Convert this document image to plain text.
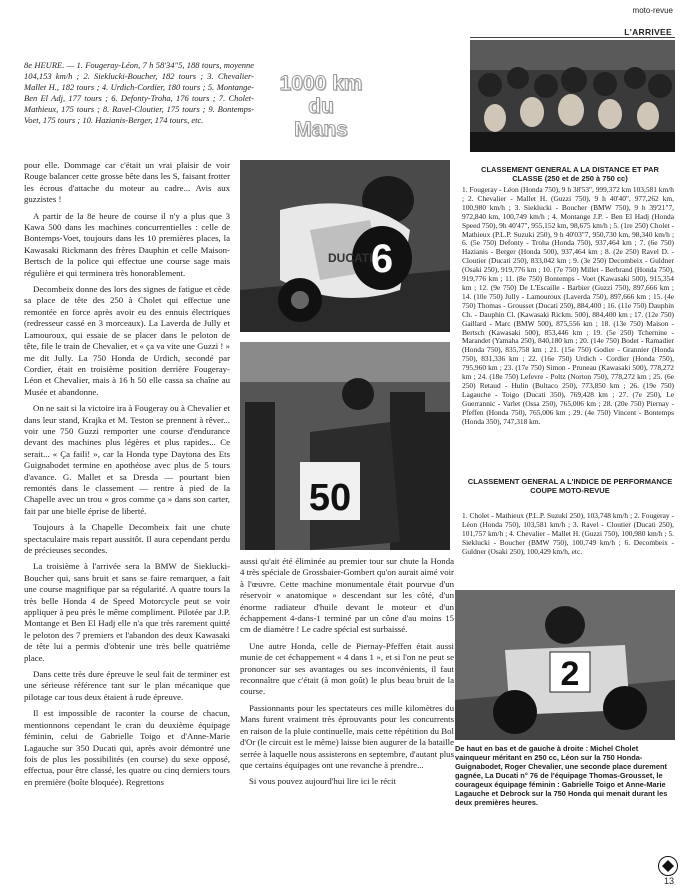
moto-revue
L'ARRIVEE
8e HEURE. — 1. Fougeray-Léon, 7 h 58'34"5, 188 tours, moyenne 104,153 km/h ; 2. Sieklucki-Boucher, 182 tours ; 3. Chevalier-Mallet H., 182 tours ; 4. Urdich-Cordier, 180 tours ; 5. Montange-Ben El Adj, 177 tours ; 6. Defonty-Troha, 176 tours ; 7. Cholet-Mathieux, 175 tours ; 8. Ravel-Cloutier, 175 tours ; 9. Bontemps-Voet, 175 tours ; 10. Hazianis-Berger, 174 tours, etc.
1000 km
du
Mans

pour elle. Dommage car c'était un vrai plaisir de voir Rouge balancer cette grosse bête dans les S, faisant frotter les écrous d'attache du moteur au cadre... Avis aux guzzistes !

A partir de la 8e heure de course il n'y a plus que 3 Kawa 500 dans les machines concurrentielles : celle de Bontemps-Voet, toujours dans les 10 premières places, la Kawasaki Rickmann des frères Dauphin et celle Maison-Bertsch de la police qui effectue une course sage mais régulière et qui terminera très honorablement.

Decombeix donne des lors des signes de fatigue et cède sa place de tête des 250 à Cholet qui effectue une remontée en force après avoir eu des ennuis électriques (redresseur cassé en 3 morceaux). La Laverda de Jully et Lamouroux, qui essaie de se placer dans le peloton de tête, file le train de Chevalier, et « ça va vite une Guzzi ! » me dit Jully. La 750 Honda de Urdich, secondé par Cordier, était en troisième position derrière Fougeray-Léon et Chevalier, mais à 16 h 50 elle cassa sa chaîne au Musée et abandonne.

On ne sait si la victoire ira à Fougeray ou à Chevalier et dans leur stand, Krajka et M. Teston se prennent à rêver... voir une 750 Guzzi remporter une course d'endurance devant des machines plus légères et plus rapides... Ce serait... « Ça faili! », car la Honda type Daytona des Ets Guignabodet termine en apothéose avec plus de 5 tours d'avance. G. Mallet et sa Dresda — pourtant bien remontés dans le classement — rentre à pied de la Chapelle avec un trou « gros comme ça » dans son carter, fait par une bielle éprise de liberté.

Toujours à la Chapelle Decombeix fait une chute spectaculaire mais repart aussitôt. Il aura cependant perdu de précieuses secondes.

La troisième à l'arrivée sera la BMW de Sieklucki-Boucher qui, sans bruit et sans se faire remarquer, a fait une course magnifique par sa régularité. A quatre tours la très belle Honda 4 de Speed Motorcycle peut se voir appliquer à peu près le même compliment. Pilotée par J.P. Montange et Ben El Hadj elle n'a que très rarement quitté le peloton des 7 premiers et l'abandon des deux Kawasaki de tête lui a permis d'obtenir une très belle quatrième place.

Dans cette très dure épreuve le seul fait de terminer est une sérieuse référence tant sur le plan mécanique que pilotage car tous deux étaient à rude épreuve.

Il est impossible de raconter la course de chacun, mentionnons cependant le cran du deuxième équipage féminin, celui de Gabrielle Toigo et d'Anne-Marie Lagauche sur 350 Ducati qui, après avoir démontré une fois de plus les possibilités (en course) du sexe opposé, effectua, pour être classé, les quatre ou cinq derniers tours en première (boîte bloquée). Regrettons

6
DUCATI
50

aussi qu'ait été éliminée au premier tour sur chute la Honda 4 très spéciale de Grossbaier-Gombert qu'on aurait aimé voir à l'œuvre. Cette machine monumentale était pourvue d'un réservoir « anatomique » descendant sur les côté, d'un énorme radiateur d'huile devant le moteur et d'un échappement 4-dans-1 terminé par un cône d'au moins 15 cm de diamètre ! Le cadre spécial est surbaissé.

Une autre Honda, celle de Piernay-Pfeffen était aussi munie de cet échappement « 4 dans 1 », et si l'on ne peut se prononcer sur ses avantages ou ses inconvénients, il faut reconnaître que c'était (à mon goût) le plus beau bruit de la course.

Passionnants pour les spectateurs ces mille kilomètres du Mans furent vraiment très éprouvants pour les concurrents en raison de la pluie continuelle, mais cette répétition du Bol d'Or (le circuit est le même) laisse bien augurer de la bataille serrée à laquelle nous assisterons en septembre, d'autant plus que certains équipages ont une revanche à prendre...

Si vous pouvez aujourd'hui lire ici le récit

CLASSEMENT GENERAL A LA DISTANCE ET PAR CLASSE (250 et de 250 à 750 cc)
1. Fougeray - Léon (Honda 750), 9 h 38'53", 999,372 km 103,581 km/h ; 2. Chevalier - Mallet H. (Guzzi 750), 9 h 40'40", 977,262 km, 100,980 km/h ; 3. Sieklucki - Boucher (BMW 750), 9 h 39'21"7, 972,840 km, 100,749 km/h ; 4. Montange J.P. - Ben El Hadj (Honda Speed 750), 9h 40'47", 955,152 km, 98,675 km/h ; 5. (1re 250) Cholet - Mathieux (P.L.P. Suzuki 250), 9 h 40'03"7, 950,730 km, 98,340 km/h ; 6. (5e 750) Defonty - Troha (Honda 750), 937,464 km ; 7. (6e 750) Hazianis - Berger (Honda 500), 937,464 km ; 8. (2e 250) Ravel D. - Cloutier (Ducati 250), 833,042 km ; 9. (3e 250) Decombeix - Guldner (Osaki 250), 919,776 km ; 10. (7e 750) Millet - Berbrand (Honda 750), 919,776 km ; 11. (8e 750) Bontemps - Voet (Kawasaki 500), 915,354 km ; 12. (9e 750) De L'Escaille - Barbier (Guzzi 750), 897,666 km ; 14. (10e 750) Jully - Lamouroux (Laverda 750), 897,666 km ; 15. (4e 750) Thomas - Grousset (Ducati 250), 884,400 ; 16. (11e 750) Dauphin Ch. - Dauphin Cl. (Kawasaki Rickm. 500), 884,400 km ; 17. (12e 750) Gaillard - Marc (BMW 500), 875,556 km ; 18. (13e 750) Maison - Bertsch (Kawasaki 500), 853,446 km ; 19. (5e 250) Tchernine - Marandet (Yamaha 250), 840,180 km ; 20. (14e 750) Bodet - Ramadier (Honda 750), 835,758 km ; 21. (15e 750) Godier - Grannier (Honda 750), 831,336 km ; 22. (16e 750) Urdich - Cordier (Honda 750), 795,960 km ; 23. (17e 750) Simon - Pruneau (Kawasaki 500), 778,272 km ; 24. (18e 750) Lefevre - Poltz (Norton 750), 778,272 km ; 25. (6e 250) Retaud - Hulin (Bultaco 250), 773,850 km ; 26. (19e 750) Lagauche - Toigo (Ducati 350), 769,428 km ; 27. (7e 250), Le Guerrannic - Varlet (Ossa 250), 765,006 km ; 28. (20e 750) Piernay - Pfeffen (Honda 750), 765,006 km ; 29. (4e 750) Vincent - Bontemps (Honda 350), 747,318 km.
CLASSEMENT GENERAL A L'INDICE DE PERFORMANCE COUPE MOTO-REVUE
1. Cholet - Mathieux (P.L.P. Suzuki 250), 103,748 km/h ; 2. Fougeray - Léon (Honda 750), 103,581 km/h ; 3. Ravel - Cloutier (Ducati 250), 101,757 km/h ; 4. Chevalier - Mallet H. (Guzzi 750), 100,980 km/h ; 5. Sieklucki - Boucher (BMW 750), 100,749 km/h ; 6. Decombeix - Guldner (Osaki 250), 100,429 km/h, etc.
2
De haut en bas et de gauche à droite : Michel Cholet vainqueur méritant en 250 cc, Léon sur la 750 Honda-Guignabodet, Roger Chevalier, une seconde place durement gagnée, La Ducati n° 76 de l'équipage Thomas-Grousset, le courageux équipage féminin : Gabrielle Toigo et Anne-Marie Lagauche et Debrock sur la 750 Honda qui menait durant les deux premières heures.
13
